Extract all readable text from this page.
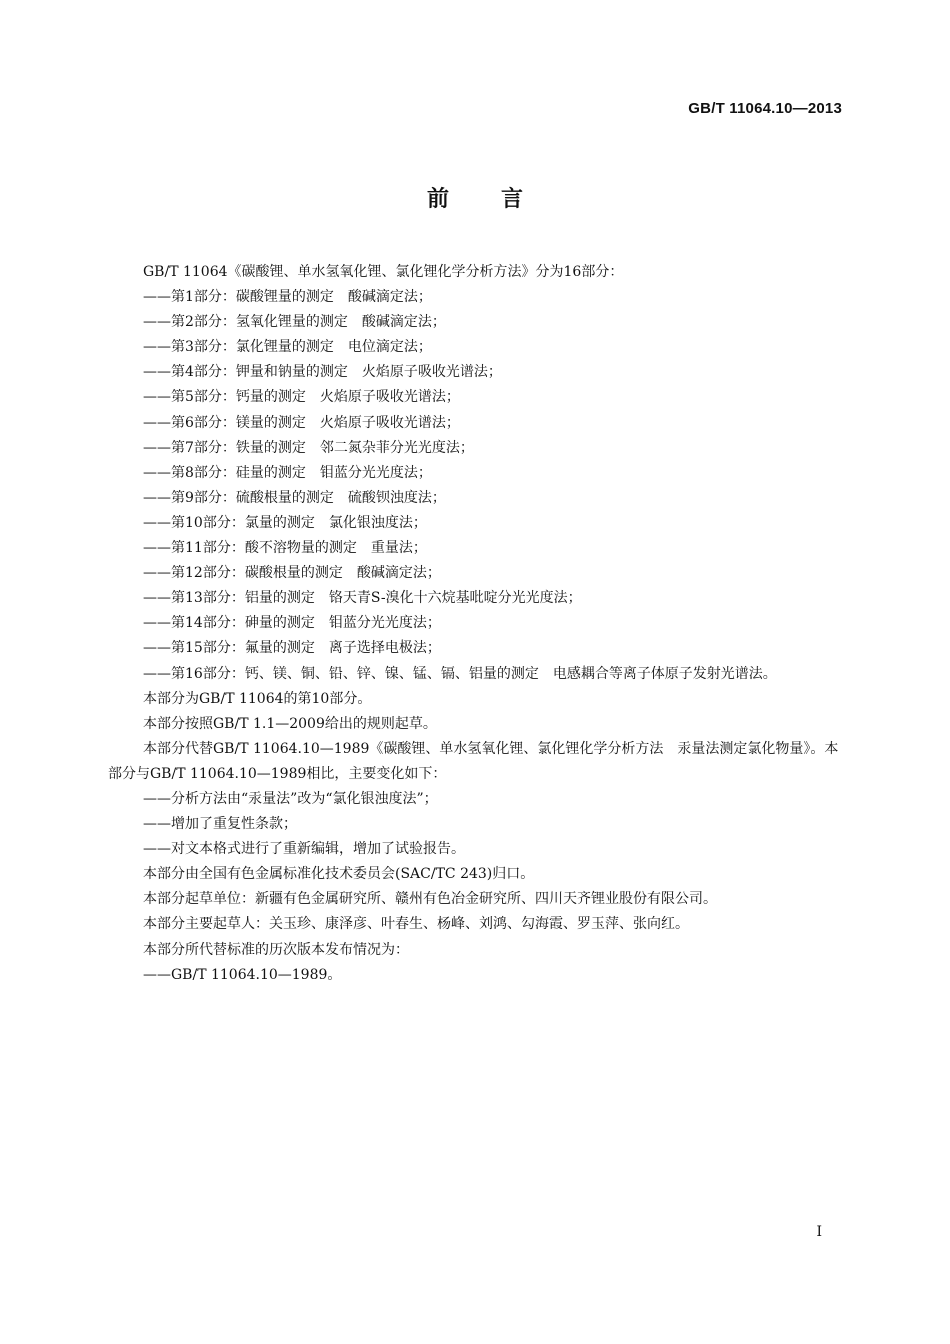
GB/T 11064.10—2013
前言

GB/T 11064《碳酸锂、单水氢氧化锂、氯化锂化学分析方法》分为16部分：

——第1部分：碳酸锂量的测定　酸碱滴定法；

——第2部分：氢氧化锂量的测定　酸碱滴定法；

——第3部分：氯化锂量的测定　电位滴定法；

——第4部分：钾量和钠量的测定　火焰原子吸收光谱法；

——第5部分：钙量的测定　火焰原子吸收光谱法；

——第6部分：镁量的测定　火焰原子吸收光谱法；

——第7部分：铁量的测定　邻二氮杂菲分光光度法；

——第8部分：硅量的测定　钼蓝分光光度法；

——第9部分：硫酸根量的测定　硫酸钡浊度法；

——第10部分：氯量的测定　氯化银浊度法；

——第11部分：酸不溶物量的测定　重量法；

——第12部分：碳酸根量的测定　酸碱滴定法；

——第13部分：铝量的测定　铬天青S-溴化十六烷基吡啶分光光度法；

——第14部分：砷量的测定　钼蓝分光光度法；

——第15部分：氟量的测定　离子选择电极法；

——第16部分：钙、镁、铜、铅、锌、镍、锰、镉、铝量的测定　电感耦合等离子体原子发射光谱法。

本部分为GB/T 11064的第10部分。

本部分按照GB/T 1.1—2009给出的规则起草。

本部分代替GB/T 11064.10—1989《碳酸锂、单水氢氧化锂、氯化锂化学分析方法　汞量法测定氯化物量》。本部分与GB/T 11064.10—1989相比，主要变化如下：

——分析方法由“汞量法”改为“氯化银浊度法”；

——增加了重复性条款；

——对文本格式进行了重新编辑，增加了试验报告。

本部分由全国有色金属标准化技术委员会(SAC/TC 243)归口。

本部分起草单位：新疆有色金属研究所、赣州有色冶金研究所、四川天齐锂业股份有限公司。

本部分主要起草人：关玉珍、康泽彦、叶春生、杨峰、刘鸿、勾海霞、罗玉萍、张向红。

本部分所代替标准的历次版本发布情况为：

——GB/T 11064.10—1989。

I
